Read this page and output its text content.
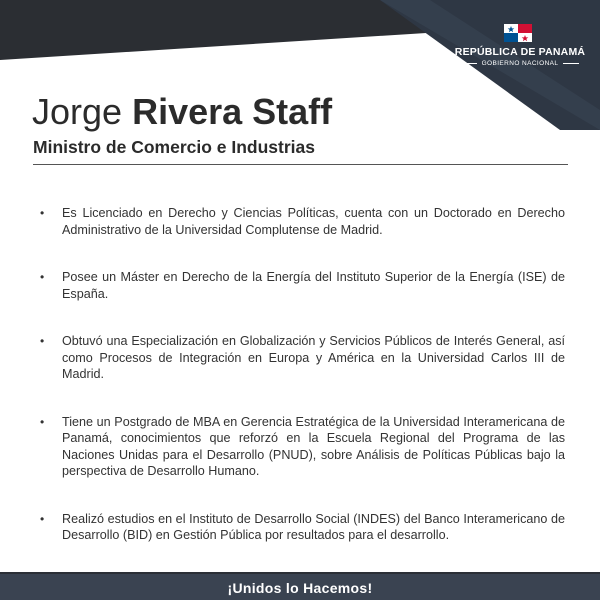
REPÚBLICA DE PANAMÁ
GOBIERNO NACIONAL
Jorge Rivera Staff
Ministro de Comercio e Industrias
• Es Licenciado en Derecho y Ciencias Políticas, cuenta con un Doctorado en Derecho Administrativo de la Universidad Complutense de Madrid.
• Posee un Máster en Derecho de la Energía del Instituto Superior de la Energía (ISE) de España.
• Obtuvó una Especialización en Globalización y Servicios Públicos de Interés General, así como Procesos de Integración en Europa y América en la Universidad Carlos III de Madrid.
• Tiene un Postgrado de MBA en Gerencia Estratégica de la Universidad Interamericana de Panamá, conocimientos que reforzó en la Escuela Regional del Programa de las Naciones Unidas para el Desarrollo (PNUD), sobre Análisis de Políticas Públicas bajo la perspectiva de Desarrollo Humano.
• Realizó estudios en el Instituto de Desarrollo Social (INDES) del Banco Interamericano de Desarrollo (BID) en Gestión Pública por resultados para el desarrollo.
¡Unidos lo Hacemos!
